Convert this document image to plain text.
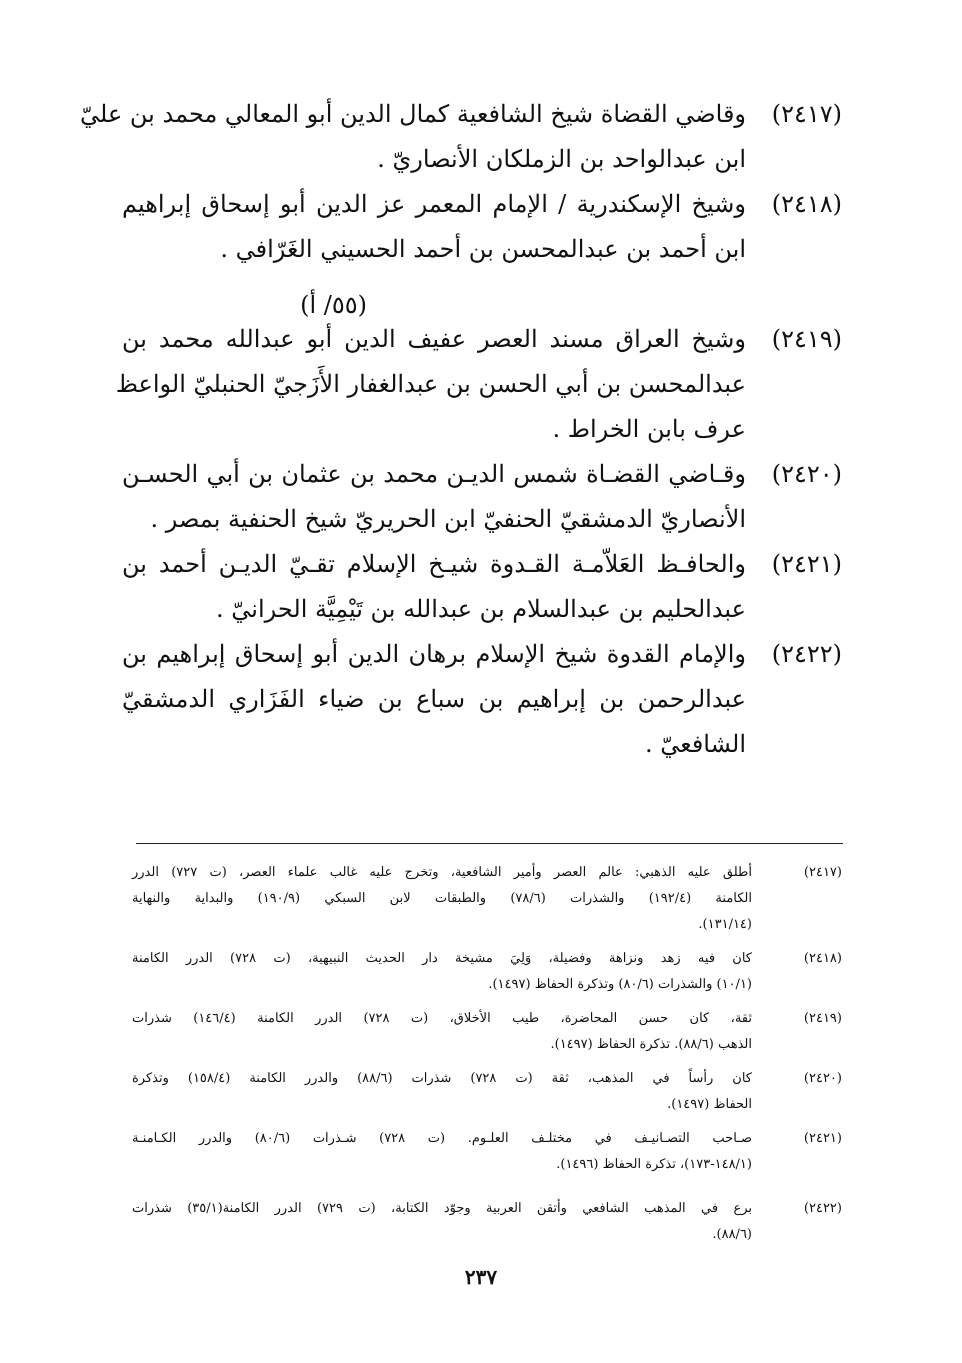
(٢٤١٧)
وقاضي القضاة شيخ الشافعية كمال الدين أبو المعالي محمد بن عليّ
ابن عبدالواحد بن الزملكان الأنصاريّ .
(٢٤١٨)
وشيخ الإسكندرية / الإمام المعمر عز الدين أبو إسحاق إبراهيم
ابن أحمد بن عبدالمحسن بن أحمد الحسيني الغَرّافي .
(٢٤١٩)
وشيخ العراق مسند العصر عفيف الدين أبو عبدالله محمد بن
عبدالمحسن بن أبي الحسن بن عبدالغفار الأَزَجيّ الحنبليّ الواعظ
عرف بابن الخراط .
(٢٤٢٠)
وقـاضي القضـاة شمس الديـن محمد بن عثمان بن أبي الحسـن
الأنصاريّ الدمشقيّ الحنفيّ ابن الحريريّ شيخ الحنفية بمصر .
(٢٤٢١)
والحافـظ العَلاّمـة القـدوة شيـخ الإسلام تقـيّ الديـن أحمد بن
عبدالحليم بن عبدالسلام بن عبدالله بن تَيْمِيَّة الحرانيّ .
(٢٤٢٢)
والإمام القدوة شيخ الإسلام برهان الدين أبو إسحاق إبراهيم بن
عبدالرحمن بن إبراهيم بن سباع بن ضياء الفَزَاري الدمشقيّ
الشافعيّ .
(٥٥/ أ)
(٢٤١٧)
أطلق عليه الذهبي: عالم العصر وأمير الشافعية، وتخرج عليه غالب علماء العصر، (ت ٧٢٧) الدرر
الكامنة (١٩٢/٤) والشذرات (٧٨/٦) والطبقات لابن السبكي (١٩٠/٩) والبداية والنهاية
(١٣١/١٤).
(٢٤١٨)
كان فيه زهد ونزاهة وفضيلة، وَلِيَ مشيخة دار الحديث النبيهية، (ت ٧٢٨) الدرر الكامنة
(١٠/١) والشذرات (٨٠/٦) وتذكرة الحفاظ (١٤٩٧).
(٢٤١٩)
ثقة، كان حسن المحاضرة، طيب الأخلاق، (ت ٧٢٨) الدرر الكامنة (١٤٦/٤) شذرات
الذهب (٨٨/٦). تذكرة الحفاظ (١٤٩٧).
(٢٤٢٠)
كان رأساً في المذهب، ثقة (ت ٧٢٨) شذرات (٨٨/٦) والدرر الكامنة (١٥٨/٤) وتذكرة
الحفاظ (١٤٩٧).
(٢٤٢١)
صـاحب التصـانيـف في مختلـف العلـوم. (ت ٧٢٨) شـذرات (٨٠/٦) والدرر الكـامنـة
(١٤٨/١-١٧٣)، تذكرة الحفاظ (١٤٩٦).
(٢٤٢٢)
برع في المذهب الشافعي وأتقن العربية وجوّد الكتابة، (ت ٧٢٩) الدرر الكامنة(٣٥/١) شذرات
(٨٨/٦).
٢٣٧
